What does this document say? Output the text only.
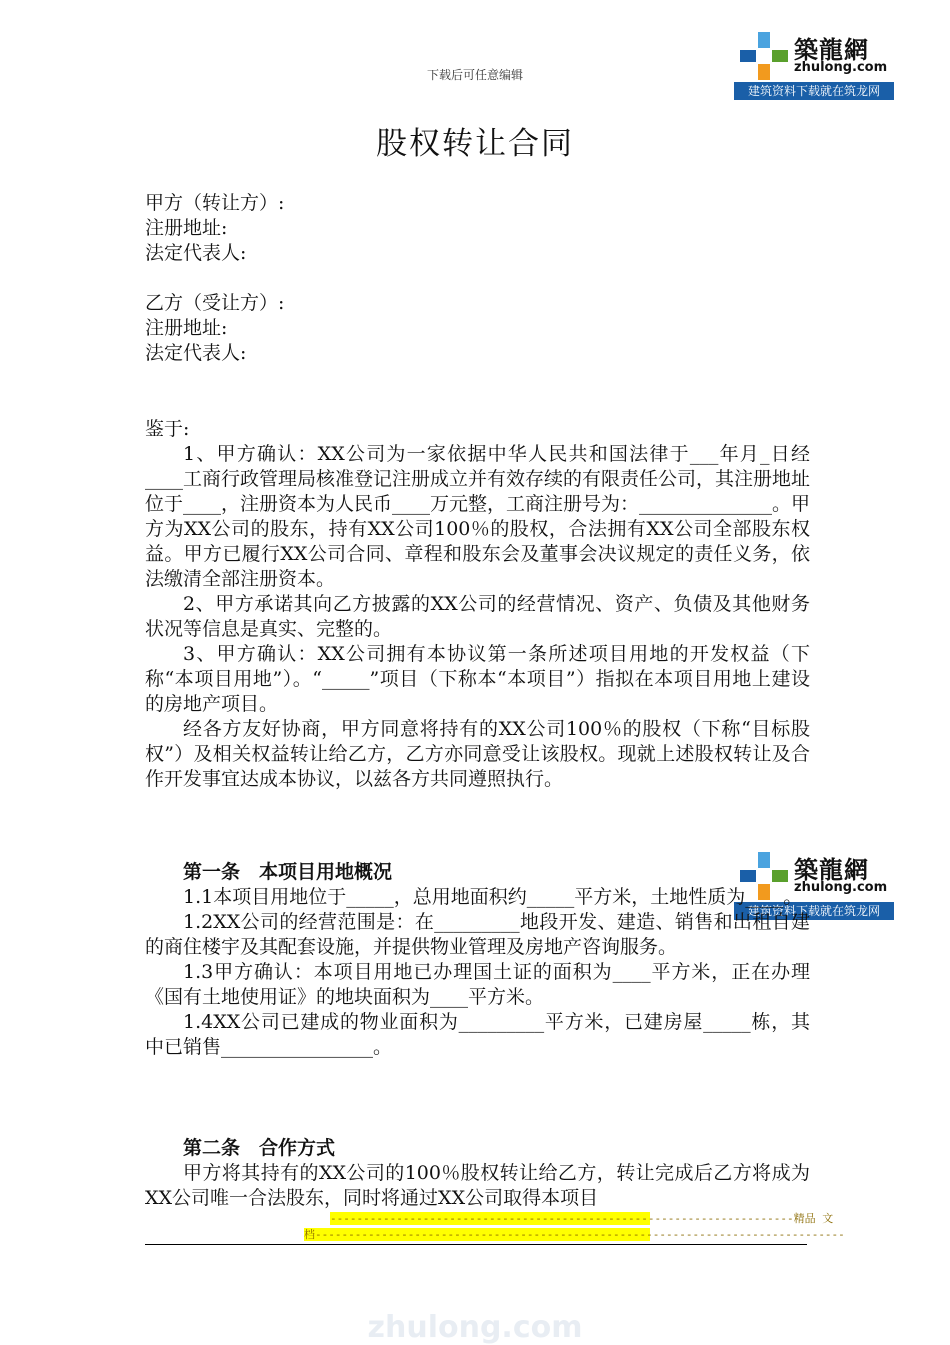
下载后可任意编辑
築龍網
zhulong.com
建筑资料下载就在筑龙网
股权转让合同
甲方（转让方）:
注册地址:
法定代表人:
乙方（受让方）:
注册地址:
法定代表人:
鉴于:
1、甲方确认：XX公司为一家依据中华人民共和国法律于___年月_日经____工商行政管理局核准登记注册成立并有效存续的有限责任公司，其注册地址位于____，注册资本为人民币____万元整，工商注册号为：______________。甲方为XX公司的股东，持有XX公司100％的股权，合法拥有XX公司全部股东权益。甲方已履行XX公司合同、章程和股东会及董事会决议规定的责任义务，依法缴清全部注册资本。
2、甲方承诺其向乙方披露的XX公司的经营情况、资产、负债及其他财务状况等信息是真实、完整的。
3、甲方确认：XX公司拥有本协议第一条所述项目用地的开发权益（下称“本项目用地”）。“_____”项目（下称本“本项目”）指拟在本项目用地上建设的房地产项目。
经各方友好协商，甲方同意将持有的XX公司100％的股权（下称“目标股权”）及相关权益转让给乙方，乙方亦同意受让该股权。现就上述股权转让及合作开发事宜达成本协议，以兹各方共同遵照执行。
築龍網
zhulong.com
建筑资料下载就在筑龙网
第一条　本项目用地概况
1.1本项目用地位于_____，总用地面积约_____平方米，土地性质为____。
1.2XX公司的经营范围是：在_________地段开发、建造、销售和出租自建的商住楼宇及其配套设施，并提供物业管理及房地产咨询服务。
1.3甲方确认：本项目用地已办理国土证的面积为____平方米，正在办理《国有土地使用证》的地块面积为____平方米。
1.4XX公司已建成的物业面积为_________平方米，已建房屋_____栋，其中已销售________________。
第二条　合作方式
甲方将其持有的XX公司的100％股权转让给乙方，转让完成后乙方将成为XX公司唯一合法股东，同时将通过XX公司取得本项目
----------------------------------------------------------------------精品 文
档--------------------------------------------------------------------------------
zhulong.com
